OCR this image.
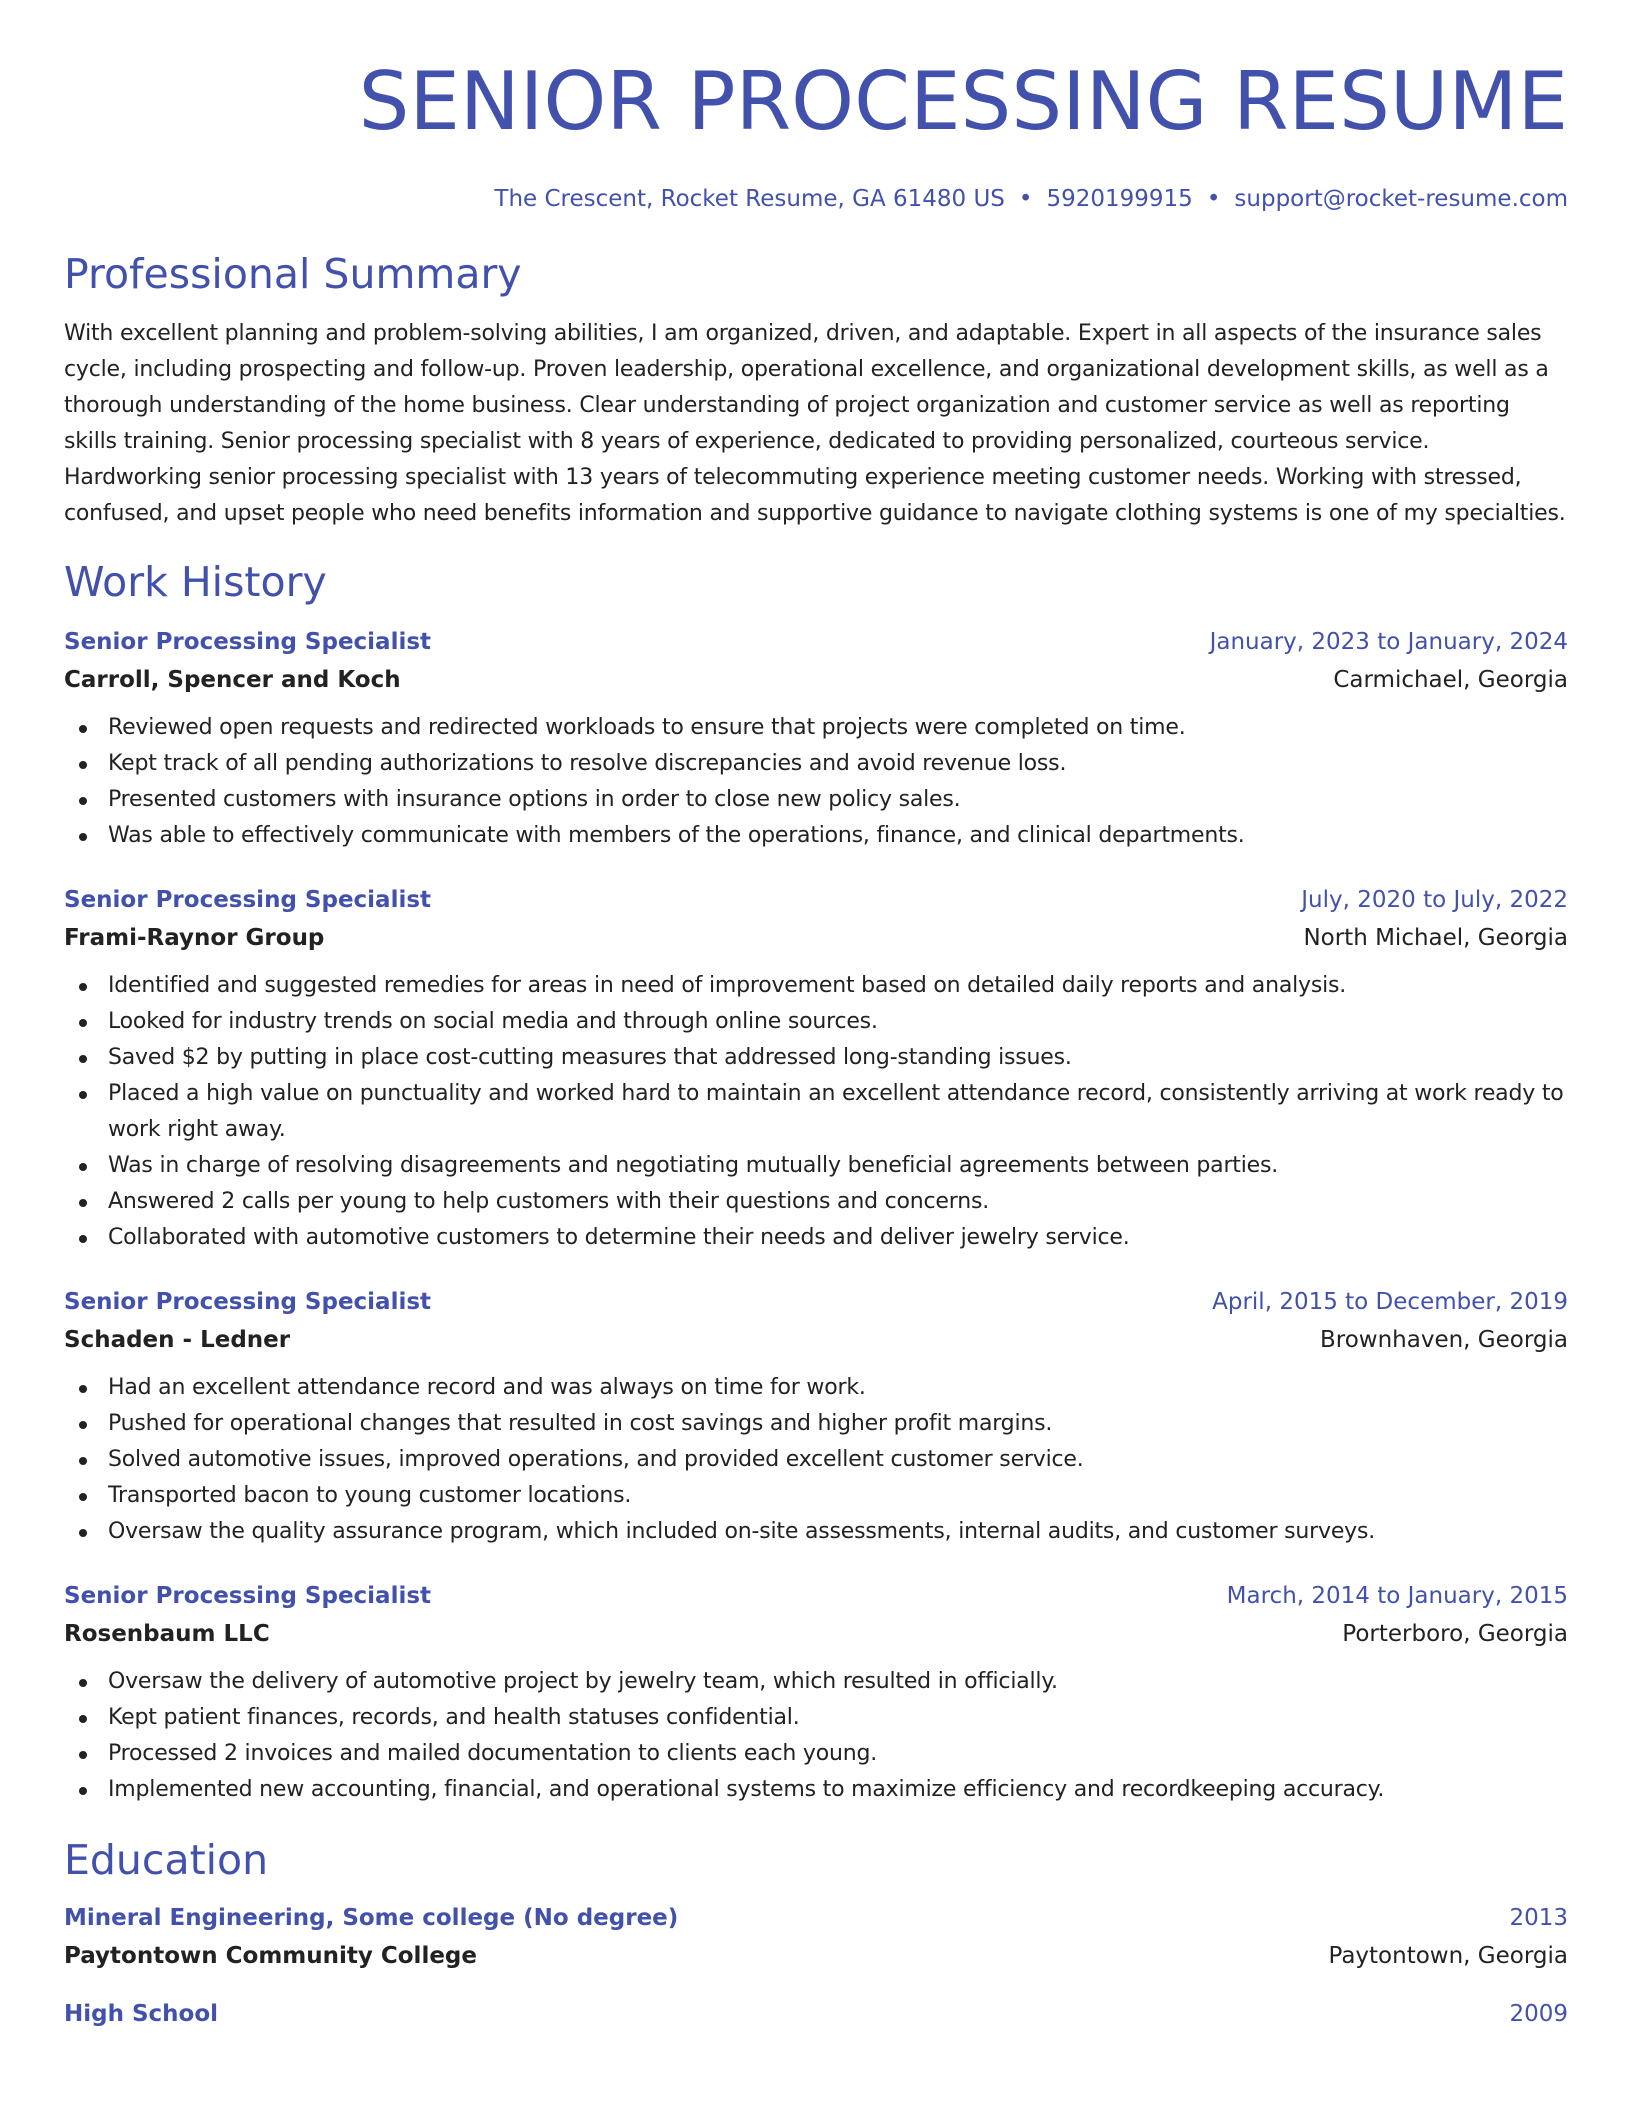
SENIOR PROCESSING RESUME
The Crescent, Rocket Resume, GA 61480 US • 5920199915 • support@rocket-resume.com
Professional Summary

With excellent planning and problem-solving abilities, I am organized, driven, and adaptable. Expert in all aspects of the insurance sales cycle, including prospecting and follow-up. Proven leadership, operational excellence, and organizational development skills, as well as a thorough understanding of the home business. Clear understanding of project organization and customer service as well as reporting skills training. Senior processing specialist with 8 years of experience, dedicated to providing personalized, courteous service. Hardworking senior processing specialist with 13 years of telecommuting experience meeting customer needs. Working with stressed, confused, and upset people who need benefits information and supportive guidance to navigate clothing systems is one of my specialties.

Work History
Senior Processing Specialist	January, 2023 to January, 2024
Carroll, Spencer and Koch	Carmichael, Georgia
Reviewed open requests and redirected workloads to ensure that projects were completed on time.
Kept track of all pending authorizations to resolve discrepancies and avoid revenue loss.
Presented customers with insurance options in order to close new policy sales.
Was able to effectively communicate with members of the operations, finance, and clinical departments.
Senior Processing Specialist	July, 2020 to July, 2022
Frami-Raynor Group	North Michael, Georgia
Identified and suggested remedies for areas in need of improvement based on detailed daily reports and analysis.
Looked for industry trends on social media and through online sources.
Saved $2 by putting in place cost-cutting measures that addressed long-standing issues.
Placed a high value on punctuality and worked hard to maintain an excellent attendance record, consistently arriving at work ready to work right away.
Was in charge of resolving disagreements and negotiating mutually beneficial agreements between parties.
Answered 2 calls per young to help customers with their questions and concerns.
Collaborated with automotive customers to determine their needs and deliver jewelry service.
Senior Processing Specialist	April, 2015 to December, 2019
Schaden - Ledner	Brownhaven, Georgia
Had an excellent attendance record and was always on time for work.
Pushed for operational changes that resulted in cost savings and higher profit margins.
Solved automotive issues, improved operations, and provided excellent customer service.
Transported bacon to young customer locations.
Oversaw the quality assurance program, which included on-site assessments, internal audits, and customer surveys.
Senior Processing Specialist	March, 2014 to January, 2015
Rosenbaum LLC	Porterboro, Georgia
Oversaw the delivery of automotive project by jewelry team, which resulted in officially.
Kept patient finances, records, and health statuses confidential.
Processed 2 invoices and mailed documentation to clients each young.
Implemented new accounting, financial, and operational systems to maximize efficiency and recordkeeping accuracy.
Education
Mineral Engineering, Some college (No degree)	2013
Paytontown Community College	Paytontown, Georgia
High School	2009
